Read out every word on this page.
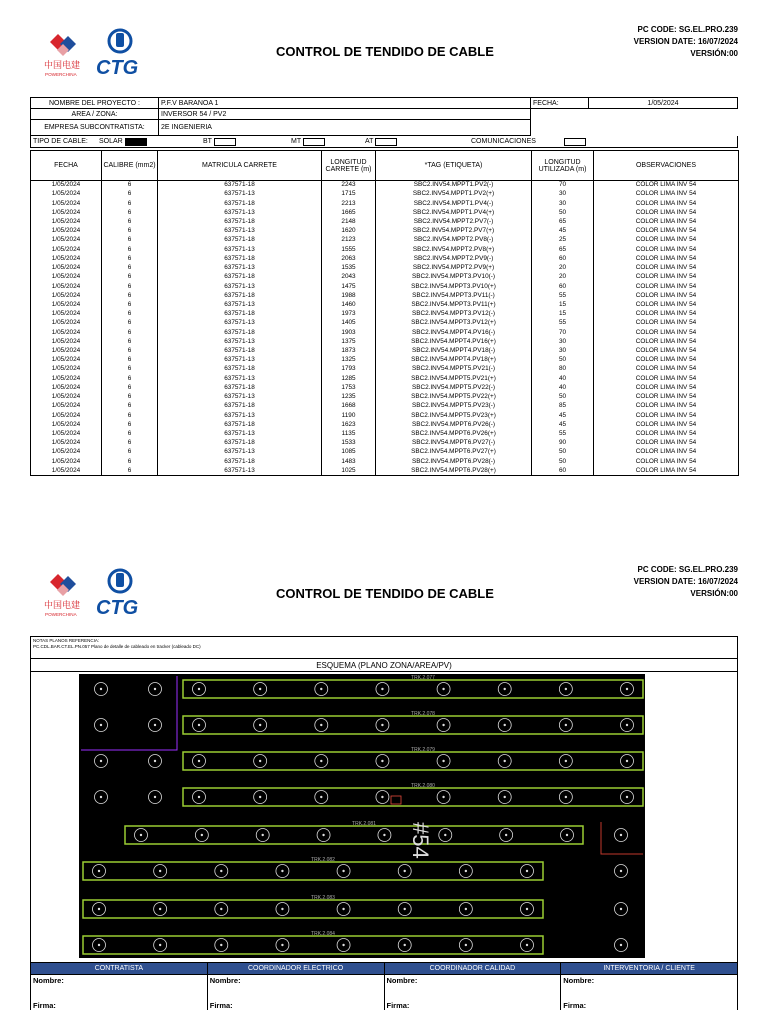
中国电建
POWERCHINA CTG
CONTROL DE TENDIDO DE CABLE
PC CODE: SG.EL.PRO.239
VERSION DATE: 16/07/2024
VERSIÓN:00
NOMBRE DEL PROYECTO :	P.F.V BARANOA 1	FECHA:	1/05/2024
AREA / ZONA:	INVERSOR 54 / PV2		
EMPRESA SUBCONTRATISTA:	2E INGENIERIA		
TIPO DE CABLE:	SOLAR	BT	MT	AT	COMUNICACIONES
FECHA	CALIBRE (mm2)	MATRICULA CARRETE	LONGITUD CARRETE (m)	*TAG (ETIQUETA)	LONGITUD UTILIZADA (m)	OBSERVACIONES
1/05/2024	6	637571-18	2243	SBC2.INV54.MPPT1.PV2(-)	70	COLOR LIMA INV 54
1/05/2024	6	637571-13	1715	SBC2.INV54.MPPT1.PV2(+)	30	COLOR LIMA INV 54
1/05/2024	6	637571-18	2213	SBC2.INV54.MPPT1.PV4(-)	30	COLOR LIMA INV 54
1/05/2024	6	637571-13	1665	SBC2.INV54.MPPT1.PV4(+)	50	COLOR LIMA INV 54
1/05/2024	6	637571-18	2148	SBC2.INV54.MPPT2.PV7(-)	65	COLOR LIMA INV 54
1/05/2024	6	637571-13	1620	SBC2.INV54.MPPT2.PV7(+)	45	COLOR LIMA INV 54
1/05/2024	6	637571-18	2123	SBC2.INV54.MPPT2.PV8(-)	25	COLOR LIMA INV 54
1/05/2024	6	637571-13	1555	SBC2.INV54.MPPT2.PV8(+)	65	COLOR LIMA INV 54
1/05/2024	6	637571-18	2063	SBC2.INV54.MPPT2.PV9(-)	60	COLOR LIMA INV 54
1/05/2024	6	637571-13	1535	SBC2.INV54.MPPT2.PV9(+)	20	COLOR LIMA INV 54
1/05/2024	6	637571-18	2043	SBC2.INV54.MPPT3.PV10(-)	20	COLOR LIMA INV 54
1/05/2024	6	637571-13	1475	SBC2.INV54.MPPT3.PV10(+)	60	COLOR LIMA INV 54
1/05/2024	6	637571-18	1988	SBC2.INV54.MPPT3.PV11(-)	55	COLOR LIMA INV 54
1/05/2024	6	637571-13	1460	SBC2.INV54.MPPT3.PV11(+)	15	COLOR LIMA INV 54
1/05/2024	6	637571-18	1973	SBC2.INV54.MPPT3.PV12(-)	15	COLOR LIMA INV 54
1/05/2024	6	637571-13	1405	SBC2.INV54.MPPT3.PV12(+)	55	COLOR LIMA INV 54
1/05/2024	6	637571-18	1903	SBC2.INV54.MPPT4.PV16(-)	70	COLOR LIMA INV 54
1/05/2024	6	637571-13	1375	SBC2.INV54.MPPT4.PV16(+)	30	COLOR LIMA INV 54
1/05/2024	6	637571-18	1873	SBC2.INV54.MPPT4.PV18(-)	30	COLOR LIMA INV 54
1/05/2024	6	637571-13	1325	SBC2.INV54.MPPT4.PV18(+)	50	COLOR LIMA INV 54
1/05/2024	6	637571-18	1793	SBC2.INV54.MPPT5.PV21(-)	80	COLOR LIMA INV 54
1/05/2024	6	637571-13	1285	SBC2.INV54.MPPT5.PV21(+)	40	COLOR LIMA INV 54
1/05/2024	6	637571-18	1753	SBC2.INV54.MPPT5.PV22(-)	40	COLOR LIMA INV 54
1/05/2024	6	637571-13	1235	SBC2.INV54.MPPT5.PV22(+)	50	COLOR LIMA INV 54
1/05/2024	6	637571-18	1668	SBC2.INV54.MPPT5.PV23(-)	85	COLOR LIMA INV 54
1/05/2024	6	637571-13	1190	SBC2.INV54.MPPT5.PV23(+)	45	COLOR LIMA INV 54
1/05/2024	6	637571-18	1623	SBC2.INV54.MPPT6.PV26(-)	45	COLOR LIMA INV 54
1/05/2024	6	637571-13	1135	SBC2.INV54.MPPT6.PV26(+)	55	COLOR LIMA INV 54
1/05/2024	6	637571-18	1533	SBC2.INV54.MPPT6.PV27(-)	90	COLOR LIMA INV 54
1/05/2024	6	637571-13	1085	SBC2.INV54.MPPT6.PV27(+)	50	COLOR LIMA INV 54
1/05/2024	6	637571-18	1483	SBC2.INV54.MPPT6.PV28(-)	50	COLOR LIMA INV 54
1/05/2024	6	637571-13	1025	SBC2.INV54.MPPT6.PV28(+)	60	COLOR LIMA INV 54
中国电建
POWERCHINA CTG
CONTROL DE TENDIDO DE CABLE
PC CODE: SG.EL.PRO.239
VERSION DATE: 16/07/2024
VERSIÓN:00
NOTAS PLANOS REFERENCIA:
PC.CDL.BAR.CT.EL.PN.057 Plano de detalle de cableado en tracker (cableado DC)
ESQUEMA (PLANO ZONA/AREA/PV)
TRK.2.077
TRK.2.078
TRK.2.079
TRK.2.080
TRK.2.081
TRK.2.082
TRK.2.083
TRK.2.084
#54
CONTRATISTA	COORDINADOR ELECTRICO	COORDINADOR CALIDAD	INTERVENTORIA / CLIENTE
Nombre:	Nombre:	Nombre:	Nombre:
Firma:	Firma:	Firma:	Firma:
